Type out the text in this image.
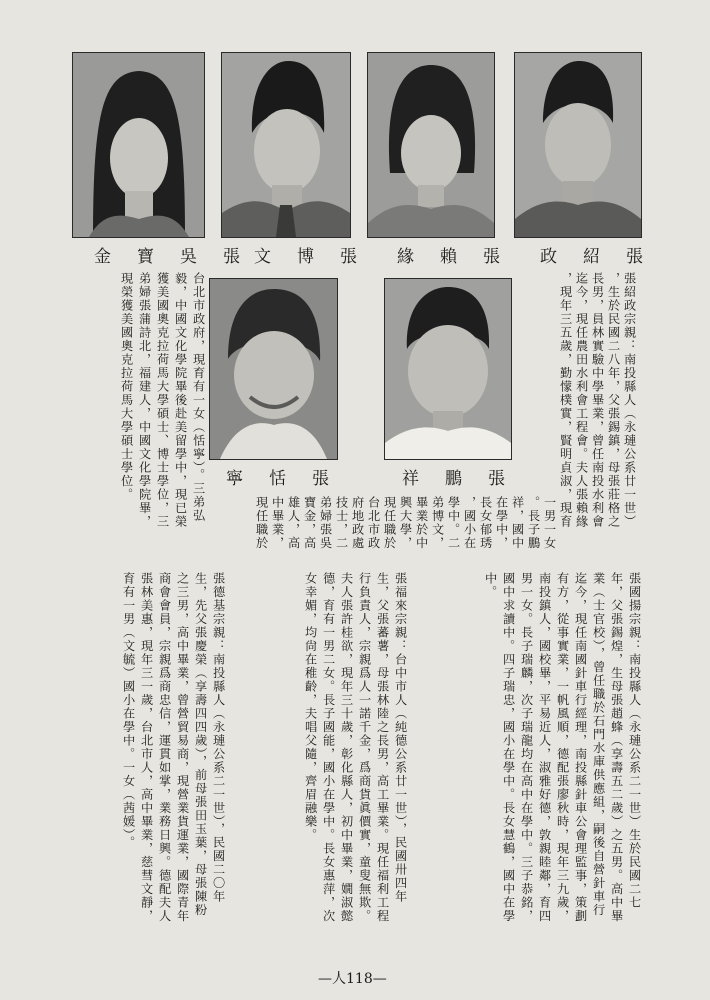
金寶吳張
文博張 緣賴張 政紹張
寧恬張	祥鵬張	張紹政宗親：南投縣人（永璉公系廿一世）
，生於民國二八年，父張錫鎮，母張莊格之
長男，員林實驗中學畢業，曾任南投水利會
迄今，現任農田水利會工程會。夫人張賴緣
，現年三五歲，勤懞樸實，賢明貞淑，現育
一男一女
。長子鵬
祥，國中
在學中，
長女郁琇
，國小在
學中。二
弟博文，
畢業於中
興大學，
現任職於
台北市政
府地政處
技士，二
弟婦張吳
寶金，高
雄人，高
中畢業，
現任職於
台北市政府，現育有一女（恬寧）。三弟弘
毅，中國文化學院畢後赴美留學中，現已榮
獲美國奧克拉荷馬大學碩士、博士學位，三
弟婦張蒲詩北，福建人，中國文化學院畢，
現榮獲美國奧克拉荷馬大學碩士學位。
張國揚宗親：南投縣人（永璉公系二一世）生於民國二七
年，父張錫煌，生母張趙蜂（享壽五二歲）之五男。高中畢
業（士官校），曾任職於石門水庫供應組，嗣後自營針車行
迄今，現任南國針車行經理，南投縣針車公會理監事，策劃
有方，從事實業，一帆風順，德配張廖秋時，現年三九歲，
南投鎮人，國校畢，平易近人，淑雅好德，敦親睦鄰，育四
男一女。長子瑞麟，次子瑞龍均在高中在學中。三子恭銘，
國中求讀中。四子瑞忠，國小在學中。長女慧鶴，國中在學
中。
張福來宗親：台中市人（純德公系廿一世），民國卅四年
生，父張蕃薯，母張林陸之長男，高工畢業。現任福利工程
行負責人，宗親爲人一諾千金，爲商貨眞價實，童叟無欺。
夫人張許桂欲，現年三十歲，彰化縣人，初中畢業，嫺淑懿
德，育有一男二女。長子國能，國小在學中。長女惠萍，次
女幸媚，均尙在稚齡，夫唱父隨，齊眉融樂。
張德基宗親：南投縣人（永璉公系二一世），民國二〇年
生，先父張慶榮（享壽四四歲），前母張田玉葉，母張陳粉
之三男，高中畢業，曾營貿易商，現營業貨運業，國際青年
商會會員，宗親爲商忠信，運貫如掌，業務日興。德配夫人
張林美惠，現年三一歲，台北市人，高中畢業，慈彗文靜，
育有一男（文毓）國小在學中。一女（茜媛）。
—人118—
